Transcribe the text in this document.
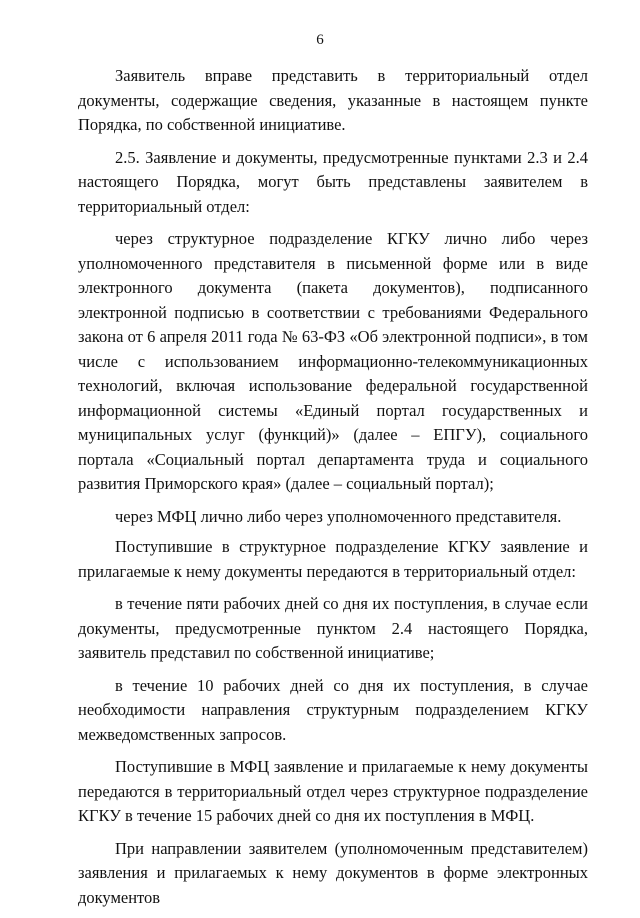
6

Заявитель вправе представить в территориальный отдел документы, содержащие сведения, указанные в настоящем пункте Порядка, по собственной инициативе.

2.5. Заявление и документы, предусмотренные пунктами 2.3 и 2.4 настоящего Порядка, могут быть представлены заявителем в территориальный отдел:

через структурное подразделение КГКУ лично либо через уполномоченного представителя в письменной форме или в виде электронного документа (пакета документов), подписанного электронной подписью в соответствии с требованиями Федерального закона от 6 апреля 2011 года № 63-ФЗ «Об электронной подписи», в том числе с использованием информационно-телекоммуникационных технологий, включая использование федеральной государственной информационной системы «Единый портал государственных и муниципальных услуг (функций)» (далее – ЕПГУ), социального портала «Социальный портал департамента труда и социального развития Приморского края» (далее – социальный портал);

через МФЦ лично либо через уполномоченного представителя.

Поступившие в структурное подразделение КГКУ заявление и прилагаемые к нему документы передаются в территориальный отдел:

в течение пяти рабочих дней со дня их поступления, в случае если документы, предусмотренные пунктом 2.4 настоящего Порядка, заявитель представил по собственной инициативе;

в течение 10 рабочих дней со дня их поступления, в случае необходимости направления структурным подразделением КГКУ межведомственных запросов.

Поступившие в МФЦ заявление и прилагаемые к нему документы передаются в территориальный отдел через структурное подразделение КГКУ в течение 15 рабочих дней со дня их поступления в МФЦ.

При направлении заявителем (уполномоченным представителем) заявления и прилагаемых к нему документов в форме электронных документов
